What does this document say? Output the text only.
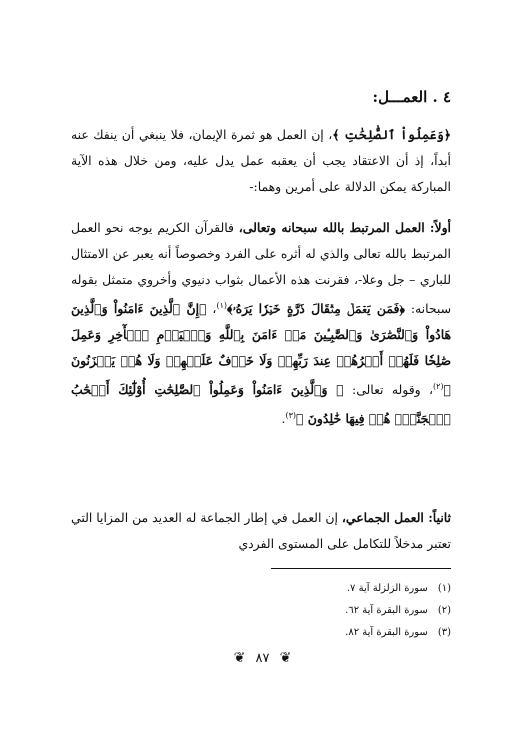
٤ . العمـــل:

﴿وَعَمِلُواْ ٱلصَّٰلِحَٰتِ ﴾، إن العمل هو ثمرة الإيمان، فلا ينبغي أن ينفك عنه أبداً، إذ أن الاعتقاد يجب أن يعقبه عمل يدل عليه، ومن خلال هذه الآية المباركة يمكن الدلالة على أمرين وهما:-

أولاً: العمل المرتبط بالله سبحانه وتعالى، فالقرآن الكريم يوجه نحو العمل المرتبط بالله تعالى والذي له أثره على الفرد وخصوصاً أنه يعبر عن الامتثال للباري – جل وعلا-، فقرنت هذه الأعمال بثواب دنيوي وأخروي متمثل بقوله سبحانه: ﴿فَمَن يَعۡمَلۡ مِثۡقَالَ ذَرَّةٍ خَيۡرٗا يَرَهُۥ﴾$^{(١)}$، ﴿إِنَّ ٱلَّذِينَ ءَامَنُواْ وَٱلَّذِينَ هَادُواْ وَٱلنَّصَٰرَىٰ وَٱلصَّٰبِـِٔينَ مَنۡ ءَامَنَ بِٱللَّهِ وَٱلۡيَوۡمِ ٱلۡأٓخِرِ وَعَمِلَ صَٰلِحٗا فَلَهُمۡ أَجۡرُهُمۡ عِندَ رَبِّهِمۡ وَلَا خَوۡفٌ عَلَيۡهِمۡ وَلَا هُمۡ يَحۡزَنُونَ ﴾$^{(٢)}$، وقوله تعالى: ﴿ وَٱلَّذِينَ ءَامَنُواْ وَعَمِلُواْ ٱلصَّٰلِحَٰتِ أُوْلَٰٓئِكَ أَصۡحَٰبُ ٱلۡجَنَّةِۖ هُمۡ فِيهَا خَٰلِدُونَ ﴾$^{(٣)}$.

ثانياً: العمل الجماعي، إن العمل في إطار الجماعة له العديد من المزايا التي تعتبر مدخلاً للتكامل على المستوى الفردي

(١)
سورة الزلزلة آية ٧.
(٢)
سورة البقرة آية ٦٢.
(٣)
سورة البقرة آية ٨٢.
❦ ٨٧ ❦
